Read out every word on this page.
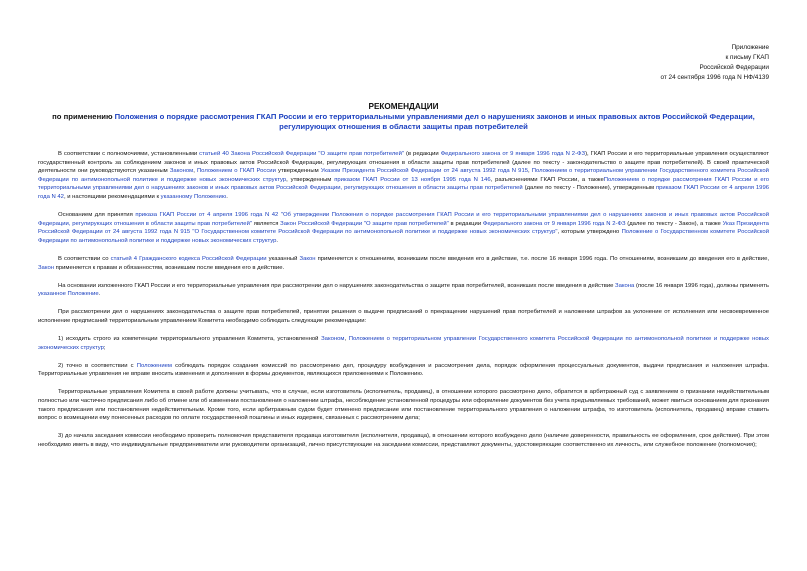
Приложение
к письму ГКАП
Российской Федерации
от 24 сентября 1996 года N НФ/4139
РЕКОМЕНДАЦИИ
по применению Положения о порядке рассмотрения ГКАП России и его территориальными управлениями дел о нарушениях законов и иных правовых актов Российской Федерации, регулирующих отношения в области защиты прав потребителей

В соответствии с полномочиями, установленными статьей 40 Закона Российской Федерации "О защите прав потребителей" (в редакции Федерального закона от 9 января 1996 года N 2-ФЗ), ГКАП России и его территориальные управления осуществляют государственный контроль за соблюдением законов и иных правовых актов Российской Федерации, регулирующих отношения в области защиты прав потребителей (далее по тексту - законодательство о защите прав потребителей). В своей практической деятельности они руководствуются указанным Законом, Положением о ГКАП России утвержденным Указом Президента Российской Федерации от 24 августа 1992 года N 915, Положением о территориальном управлении Государственного комитета Российской Федерации по антимонопольной политике и поддержке новых экономических структур, утвержденным приказом ГКАП России от 13 ноября 1995 года N 146, разъяснениями ГКАП России, а такжеПоложением о порядке рассмотрения ГКАП России и его территориальными управлениями дел о нарушениях законов и иных правовых актов Российской Федерации, регулирующих отношения в области защиты прав потребителей (далее по тексту - Положение), утвержденным приказом ГКАП России от 4 апреля 1996 года N 42, и настоящими рекомендациями к указанному Положению.

Основанием для принятия приказа ГКАП России от 4 апреля 1996 года N 42 "Об утверждении Положения о порядке рассмотрения ГКАП России и его территориальными управлениями дел о нарушениях законов и иных правовых актов Российской Федерации, регулирующих отношения в области защиты прав потребителей" является Закон Российской Федерации "О защите прав потребителей" в редакции Федерального закона от 9 января 1996 года N 2-ФЗ (далее по тексту - Закон), а также Указ Президента Российской Федерации от 24 августа 1992 года N 915 "О Государственном комитете Российской Федерации по антимонопольной политике и поддержке новых экономических структур", которым утверждено Положение о Государственном комитете Российской Федерации по антимонопольной политике и поддержке новых экономических структур.

В соответствии со статьей 4 Гражданского кодекса Российской Федерации указанный Закон применяется к отношениям, возникшим после введения его в действие, т.е. после 16 января 1996 года. По отношениям, возникшим до введения его в действие, Закон применяется к правам и обязанностям, возникшим после введения его в действие.

На основании изложенного ГКАП России и его территориальные управления при рассмотрении дел о нарушениях законодательства о защите прав потребителей, возникших после введения в действие Закона (после 16 января 1996 года), должны применять указанное Положение.

При рассмотрении дел о нарушениях законодательства о защите прав потребителей, принятии решения о выдаче предписаний о прекращении нарушений прав потребителей и наложении штрафов за уклонение от исполнения или несвоевременное исполнение предписаний территориальным управлением Комитета необходимо соблюдать следующие рекомендации:

1) исходить строго из компетенции территориального управления Комитета, установленной Законом, Положением о территориальном управлении Государственного комитета Российской Федерации по антимонопольной политике и поддержке новых экономических структур;

2) точно в соответствии с Положением соблюдать порядок создания комиссий по рассмотрению дел, процедуру возбуждения и рассмотрения дела, порядок оформления процессуальных документов, выдачи предписания и наложения штрафа. Территориальные управления не вправе вносить изменения и дополнения в формы документов, являющихся приложениями к Положению.

Территориальные управления Комитета в своей работе должны учитывать, что в случае, если изготовитель (исполнитель, продавец), в отношении которого рассмотрено дело, обратится в арбитражный суд с заявлением о признании недействительным полностью или частично предписания либо об отмене или об изменении постановления о наложении штрафа, несоблюдение установленной процедуры или оформление документов без учета предъявляемых требований, может явиться основанием для признания такого предписания или постановления недействительным. Кроме того, если арбитражным судом будет отменено предписание или постановление территориального управления о наложении штрафа, то изготовитель (исполнитель, продавец) вправе ставить вопрос о возмещении ему понесенных расходов по оплате государственной пошлины и иных издержек, связанных с рассмотрением дела;

3) до начала заседания комиссии необходимо проверить полномочия представителя продавца изготовителя (исполнителя, продавца), в отношении которого возбуждено дело (наличие доверенности, правильность ее оформления, срок действия). При этом необходимо иметь в виду, что индивидуальные предприниматели или руководители организаций, лично присутствующие на заседании комиссии, представляют документы, удостоверяющие соответственно их личность, или служебное положение (полномочия);
